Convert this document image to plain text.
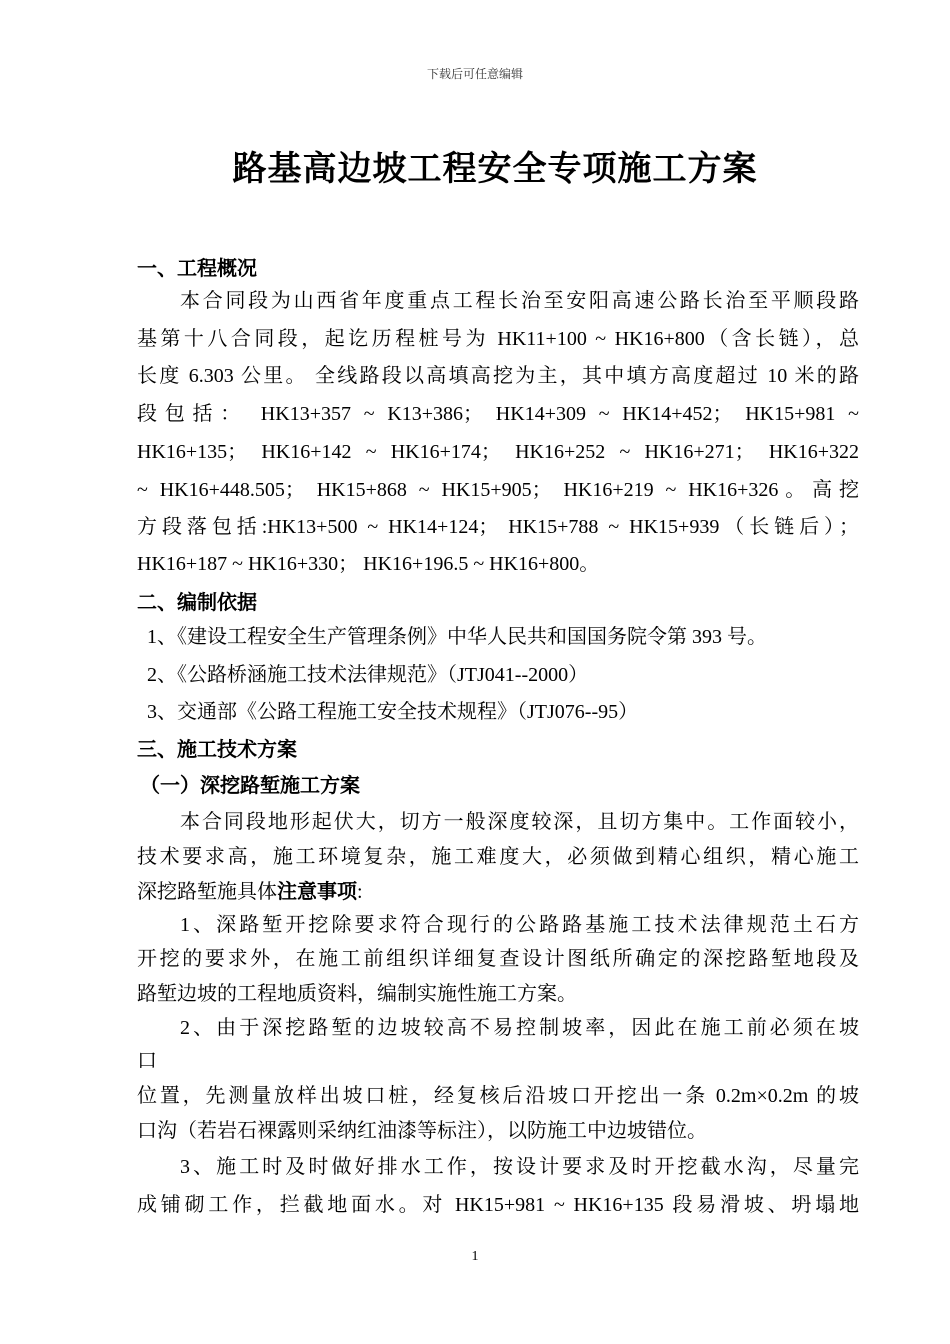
下载后可任意编辑
路基高边坡工程安全专项施工方案
一、工程概况
本合同段为山西省年度重点工程长治至安阳高速公路长治至平顺段路
基第十八合同段，起讫历程桩号为 HK11+100 ~ HK16+800（含长链），总
长度 6.303 公里。 全线路段以高填高挖为主，其中填方高度超过 10 米的路
段包括： HK13+357 ~ K13+386； HK14+309 ~ HK14+452； HK15+981 ~
HK16+135； HK16+142 ~ HK16+174； HK16+252 ~ HK16+271； HK16+322
~ HK16+448.505； HK15+868 ~ HK15+905； HK16+219 ~ HK16+326。高挖
方段落包括:HK13+500 ~ HK14+124； HK15+788 ~ HK15+939（长链后）；
HK16+187 ~ HK16+330； HK16+196.5 ~ HK16+800。
二、编制依据
1、《建设工程安全生产管理条例》中华人民共和国国务院令第 393 号。
2、《公路桥涵施工技术法律规范》（JTJ041--2000）
3、交通部《公路工程施工安全技术规程》（JTJ076--95）
三、施工技术方案
（一）深挖路堑施工方案
本合同段地形起伏大，切方一般深度较深，且切方集中。工作面较小，
技术要求高，施工环境复杂，施工难度大，必须做到精心组织，精心施工
深挖路堑施具体注意事项:
1、深路堑开挖除要求符合现行的公路路基施工技术法律规范土石方
开挖的要求外，在施工前组织详细复查设计图纸所确定的深挖路堑地段及
路堑边坡的工程地质资料，编制实施性施工方案。
2、由于深挖路堑的边坡较高不易控制坡率，因此在施工前必须在坡
口
位置，先测量放样出坡口桩，经复核后沿坡口开挖出一条 0.2m×0.2m 的坡
口沟（若岩石裸露则采纳红油漆等标注），以防施工中边坡错位。
3、施工时及时做好排水工作，按设计要求及时开挖截水沟，尽量完
成铺砌工作，拦截地面水。对 HK15+981 ~ HK16+135 段易滑坡、坍塌地
1
